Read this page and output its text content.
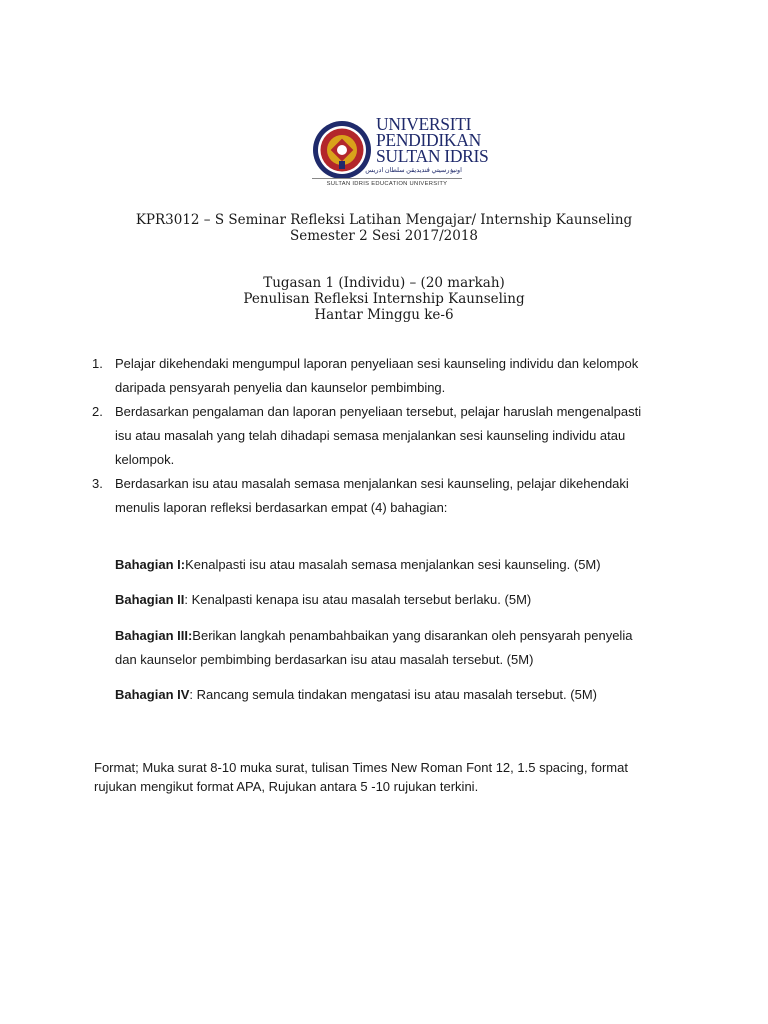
UNIVERSITI
PENDIDIKAN
SULTAN IDRIS
اونيۏرسيتي ڤنديديقن سلطان ادريس
SULTAN IDRIS EDUCATION UNIVERSITY
KPR3012 – S Seminar Refleksi Latihan Mengajar/ Internship Kaunseling
Semester 2 Sesi 2017/2018
Tugasan 1 (Individu) – (20 markah)
Penulisan Refleksi Internship Kaunseling
Hantar Minggu ke-6
1. Pelajar dikehendaki mengumpul laporan penyeliaan sesi kaunseling individu dan kelompok
daripada pensyarah penyelia dan kaunselor pembimbing.
2. Berdasarkan pengalaman dan laporan penyeliaan tersebut, pelajar haruslah mengenalpasti
isu atau masalah yang telah dihadapi semasa menjalankan sesi kaunseling individu atau
kelompok.
3. Berdasarkan isu atau masalah semasa menjalankan sesi kaunseling, pelajar dikehendaki
menulis laporan refleksi berdasarkan empat (4) bahagian:
Bahagian I:Kenalpasti isu atau masalah semasa menjalankan sesi kaunseling. (5M)
Bahagian II: Kenalpasti kenapa isu atau masalah tersebut berlaku. (5M)
Bahagian III:Berikan langkah penambahbaikan yang disarankan oleh pensyarah penyelia
dan kaunselor pembimbing berdasarkan isu atau masalah tersebut. (5M)
Bahagian IV: Rancang semula tindakan mengatasi isu atau masalah tersebut. (5M)
Format; Muka surat 8-10 muka surat, tulisan Times New Roman Font 12, 1.5 spacing, format
rujukan mengikut format APA, Rujukan antara 5 -10 rujukan terkini.
